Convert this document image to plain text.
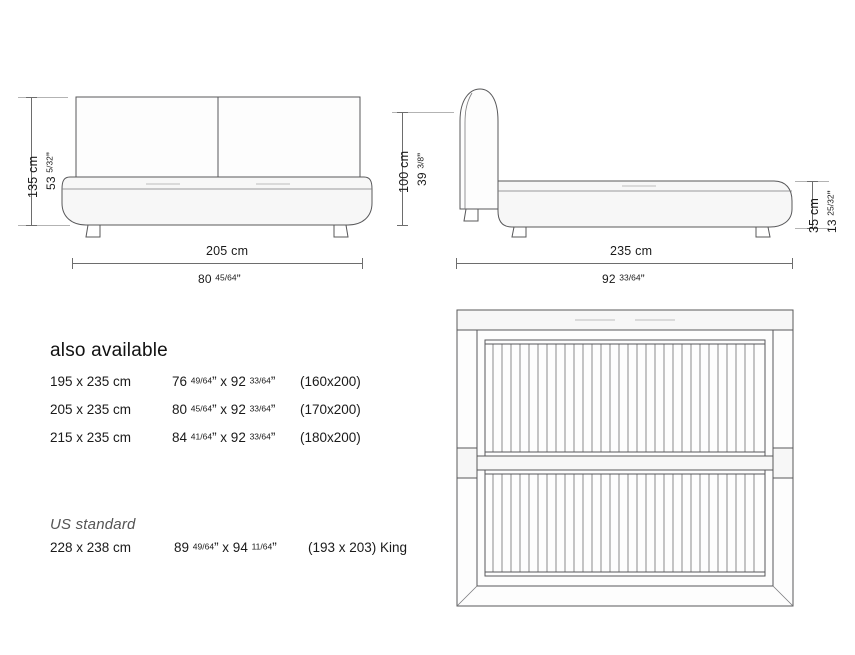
135 cm 53 $^{5/32}$”
205 cm
80 $^{45/64}$”
100 cm 39 $^{3/8}$”
35 cm 13 $^{25/32}$”
235 cm
92 $^{33/64}$”
also available
195 x 235 cm	76 49/64” x 92 33/64” (160x200)
205 x 235 cm	80 45/64” x 92 33/64” (170x200)
215 x 235 cm	84 41/64” x 92 33/64” (180x200)
US standard
228 x 238 cm	89 49/64” x 94 11/64” (193 x 203) King
